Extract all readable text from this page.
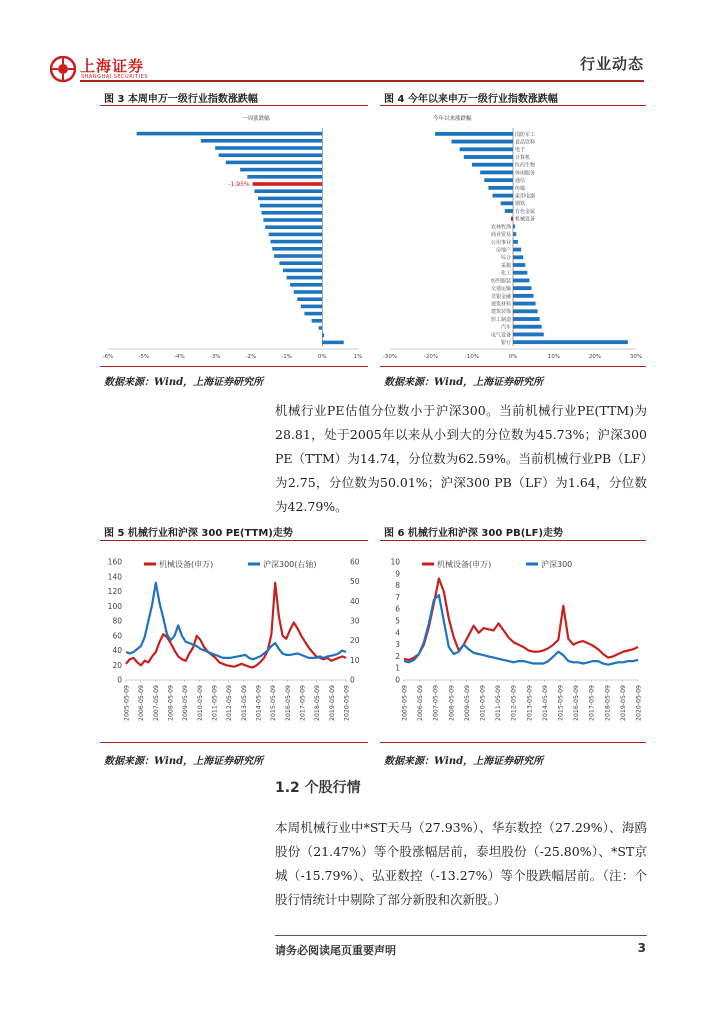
上海证券
SHANGHAI SECURITIES
行业动态
图 3 本周申万一级行业指数涨跌幅
一周涨跌幅
-6%	-5%	-4%	-3%	-2%	-1%	0%	1%
-1.95%
数据来源：Wind，上海证券研究所
图 4 今年以来申万一级行业指数涨跌幅
今年以来涨跌幅
国防军工
食品饮料
电子
计算机
医药生物
休闲服务
通信
传媒
家用电器
钢铁
有色金属
机械设备
农林牧渔
商业贸易
公用事业
房地产
综合
采掘
化工
纺织服装
交通运输
非银金融
建筑材料
建筑装饰
轻工制造
汽车
电气设备
银行
-30%	-20%	-10%	0%	10%	20%	30%
数据来源：Wind，上海证券研究所
机械行业PE估值分位数小于沪深300。当前机械行业PE(TTM)为28.81，处于2005年以来从小到大的分位数为45.73%；沪深300 PE（TTM）为14.74，分位数为62.59%。当前机械行业PB（LF）为2.75，分位数为50.01%；沪深300 PB（LF）为1.64，分位数为42.79%。
图 5 机械行业和沪深 300 PE(TTM)走势
0
20
40
60
80
100
120
140
160
0
10
20
30
40
50
60
2005-05-09 2006-05-09 2007-05-09 2008-05-09 2009-05-09 2010-05-09 2011-05-09 2012-05-09 2013-05-09 2014-05-09 2015-05-09 2016-05-09 2017-05-09 2018-05-09 2019-05-09 2020-05-09
机械设备(申万)	沪深300(右轴)
数据来源：Wind，上海证券研究所
图 6 机械行业和沪深 300 PB(LF)走势
0
1
2
3
4
5
6
7
8
9
10
2005-05-09 2006-05-09 2007-05-09 2008-05-09 2009-05-09 2010-05-09 2011-05-09 2012-05-09 2013-05-09 2014-05-09 2015-05-09 2016-05-09 2017-05-09 2018-05-09 2019-05-09 2020-05-09
机械设备(申万)	沪深300
数据来源：Wind，上海证券研究所
1.2 个股行情
本周机械行业中*ST天马（27.93%）、华东数控（27.29%）、海鸥股份（21.47%）等个股涨幅居前，泰坦股份（-25.80%）、*ST京城（-15.79%）、弘亚数控（-13.27%）等个股跌幅居前。（注：个股行情统计中剔除了部分新股和次新股。）
请务必阅读尾页重要声明	3
